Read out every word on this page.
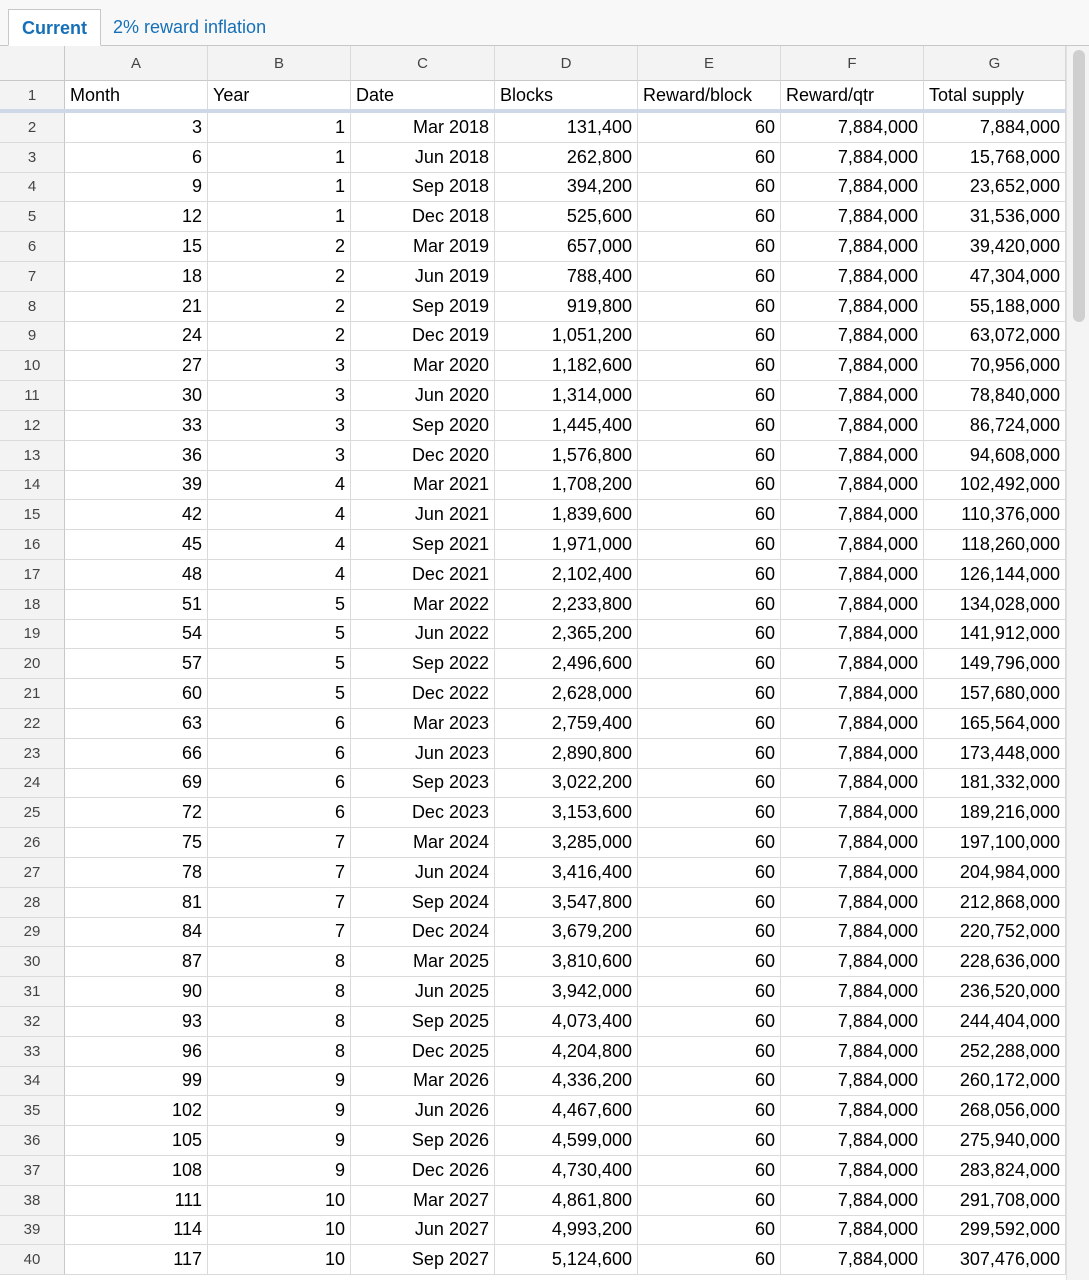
Current	2% reward inflation
A	B	C	D	E	F	G
1	Month	Year	Date	Blocks	Reward/block	Reward/qtr	Total supply
2	3	1	Mar 2018	131,400	60	7,884,000	7,884,000
3	6	1	Jun 2018	262,800	60	7,884,000	15,768,000
4	9	1	Sep 2018	394,200	60	7,884,000	23,652,000
5	12	1	Dec 2018	525,600	60	7,884,000	31,536,000
6	15	2	Mar 2019	657,000	60	7,884,000	39,420,000
7	18	2	Jun 2019	788,400	60	7,884,000	47,304,000
8	21	2	Sep 2019	919,800	60	7,884,000	55,188,000
9	24	2	Dec 2019	1,051,200	60	7,884,000	63,072,000
10	27	3	Mar 2020	1,182,600	60	7,884,000	70,956,000
11	30	3	Jun 2020	1,314,000	60	7,884,000	78,840,000
12	33	3	Sep 2020	1,445,400	60	7,884,000	86,724,000
13	36	3	Dec 2020	1,576,800	60	7,884,000	94,608,000
14	39	4	Mar 2021	1,708,200	60	7,884,000	102,492,000
15	42	4	Jun 2021	1,839,600	60	7,884,000	110,376,000
16	45	4	Sep 2021	1,971,000	60	7,884,000	118,260,000
17	48	4	Dec 2021	2,102,400	60	7,884,000	126,144,000
18	51	5	Mar 2022	2,233,800	60	7,884,000	134,028,000
19	54	5	Jun 2022	2,365,200	60	7,884,000	141,912,000
20	57	5	Sep 2022	2,496,600	60	7,884,000	149,796,000
21	60	5	Dec 2022	2,628,000	60	7,884,000	157,680,000
22	63	6	Mar 2023	2,759,400	60	7,884,000	165,564,000
23	66	6	Jun 2023	2,890,800	60	7,884,000	173,448,000
24	69	6	Sep 2023	3,022,200	60	7,884,000	181,332,000
25	72	6	Dec 2023	3,153,600	60	7,884,000	189,216,000
26	75	7	Mar 2024	3,285,000	60	7,884,000	197,100,000
27	78	7	Jun 2024	3,416,400	60	7,884,000	204,984,000
28	81	7	Sep 2024	3,547,800	60	7,884,000	212,868,000
29	84	7	Dec 2024	3,679,200	60	7,884,000	220,752,000
30	87	8	Mar 2025	3,810,600	60	7,884,000	228,636,000
31	90	8	Jun 2025	3,942,000	60	7,884,000	236,520,000
32	93	8	Sep 2025	4,073,400	60	7,884,000	244,404,000
33	96	8	Dec 2025	4,204,800	60	7,884,000	252,288,000
34	99	9	Mar 2026	4,336,200	60	7,884,000	260,172,000
35	102	9	Jun 2026	4,467,600	60	7,884,000	268,056,000
36	105	9	Sep 2026	4,599,000	60	7,884,000	275,940,000
37	108	9	Dec 2026	4,730,400	60	7,884,000	283,824,000
38	111	10	Mar 2027	4,861,800	60	7,884,000	291,708,000
39	114	10	Jun 2027	4,993,200	60	7,884,000	299,592,000
40	117	10	Sep 2027	5,124,600	60	7,884,000	307,476,000
